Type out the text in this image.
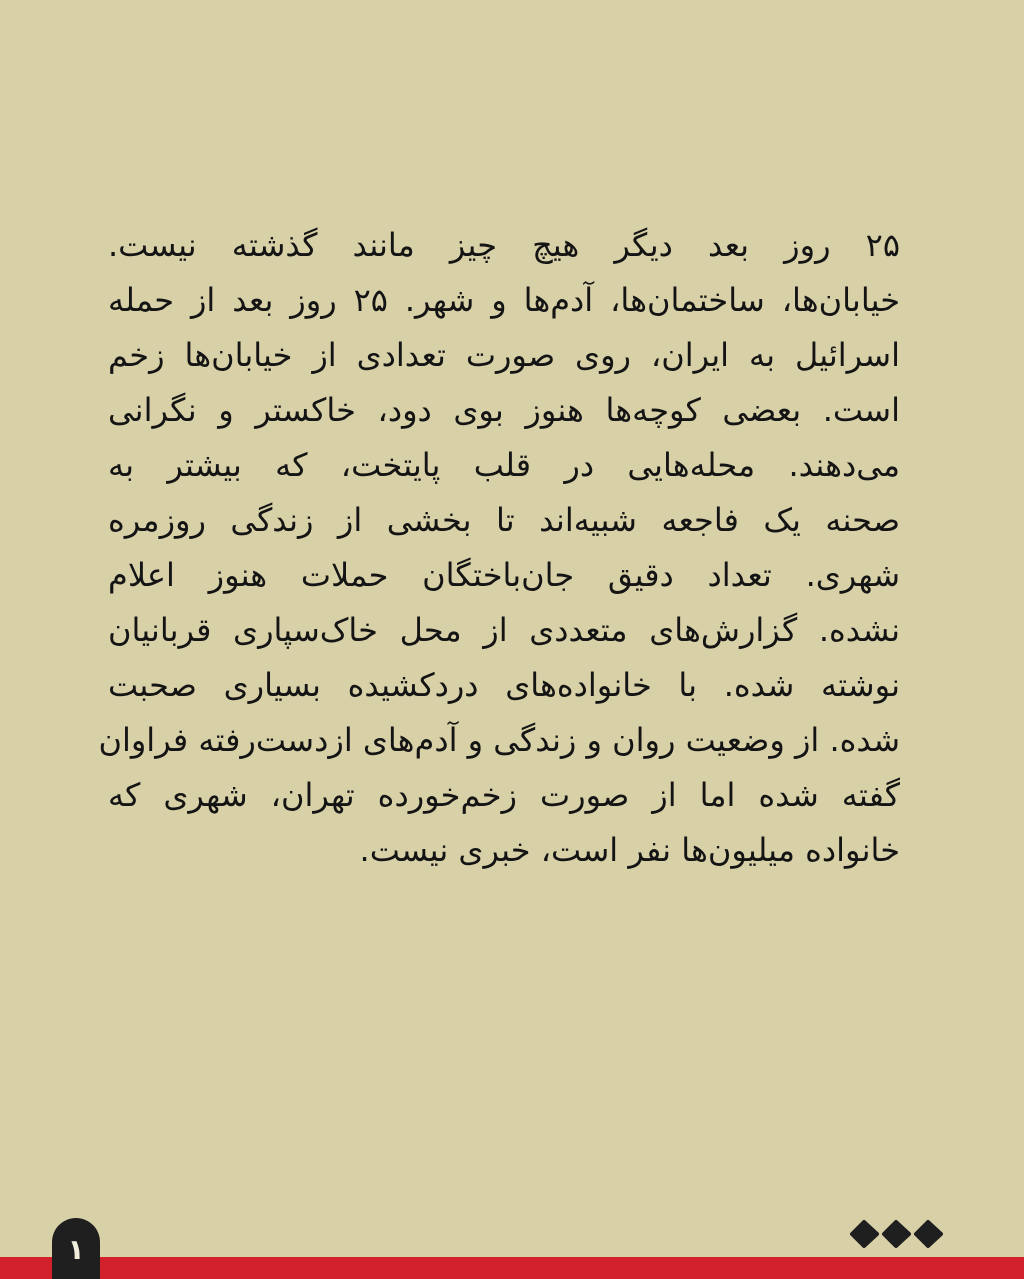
۲۵ روز بعد دیگر هیچ چیز مانند گذشته نیست.
خیابان‌ها، ساختمان‌ها، آدم‌ها و شهر. ۲۵ روز بعد از حمله
اسرائیل به ایران، روی صورت تعدادی از خیابان‌ها زخم
است. بعضی کوچه‌ها هنوز بوی دود، خاکستر و نگرانی
می‌دهند. محله‌هایی در قلب پایتخت، که بیشتر به
صحنه یک فاجعه شبیه‌اند تا بخشی از زندگی روزمره
شهری. تعداد دقیق جان‌باختگان حملات هنوز اعلام
نشده. گزارش‌های متعددی از محل خاک‌سپاری قربانیان
نوشته شده. با خانواده‌های دردکشیده بسیاری صحبت
شده. از وضعیت روان و زندگی و آدم‌های ازدست‌رفته فراوان
گفته شده اما از صورت زخم‌خورده تهران، شهری که
خانواده میلیون‌ها نفر است، خبری نیست.
۱
